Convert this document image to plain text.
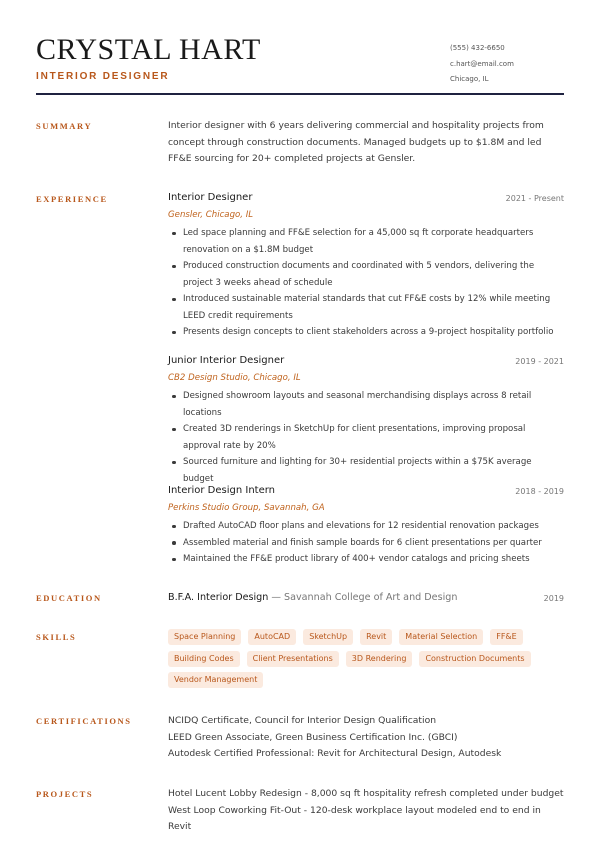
CRYSTAL HART
INTERIOR DESIGNER
(555) 432-6650
c.hart@email.com
Chicago, IL
SUMMARY	Interior designer with 6 years delivering commercial and hospitality projects from concept through construction documents. Managed budgets up to $1.8M and led FF&E sourcing for 20+ completed projects at Gensler.
EXPERIENCE	Interior Designer	2021 - Present
Gensler, Chicago, IL
Led space planning and FF&E selection for a 45,000 sq ft corporate headquarters renovation on a $1.8M budget
Produced construction documents and coordinated with 5 vendors, delivering the project 3 weeks ahead of schedule
Introduced sustainable material standards that cut FF&E costs by 12% while meeting LEED credit requirements
Presents design concepts to client stakeholders across a 9-project hospitality portfolio
Junior Interior Designer	2019 - 2021
CB2 Design Studio, Chicago, IL
Designed showroom layouts and seasonal merchandising displays across 8 retail locations
Created 3D renderings in SketchUp for client presentations, improving proposal approval rate by 20%
Sourced furniture and lighting for 30+ residential projects within a $75K average budget
Interior Design Intern	2018 - 2019
Perkins Studio Group, Savannah, GA
Drafted AutoCAD floor plans and elevations for 12 residential renovation packages
Assembled material and finish sample boards for 6 client presentations per quarter
Maintained the FF&E product library of 400+ vendor catalogs and pricing sheets
EDUCATION	B.F.A. Interior Design — Savannah College of Art and Design	2019
SKILLS	Space Planning	AutoCAD	SketchUp	Revit	Material Selection	FF&E
Building Codes	Client Presentations	3D Rendering	Construction Documents
Vendor Management
CERTIFICATIONS	NCIDQ Certificate, Council for Interior Design Qualification
LEED Green Associate, Green Business Certification Inc. (GBCI)
Autodesk Certified Professional: Revit for Architectural Design, Autodesk
PROJECTS	Hotel Lucent Lobby Redesign - 8,000 sq ft hospitality refresh completed under budget
West Loop Coworking Fit-Out - 120-desk workplace layout modeled end to end in Revit
